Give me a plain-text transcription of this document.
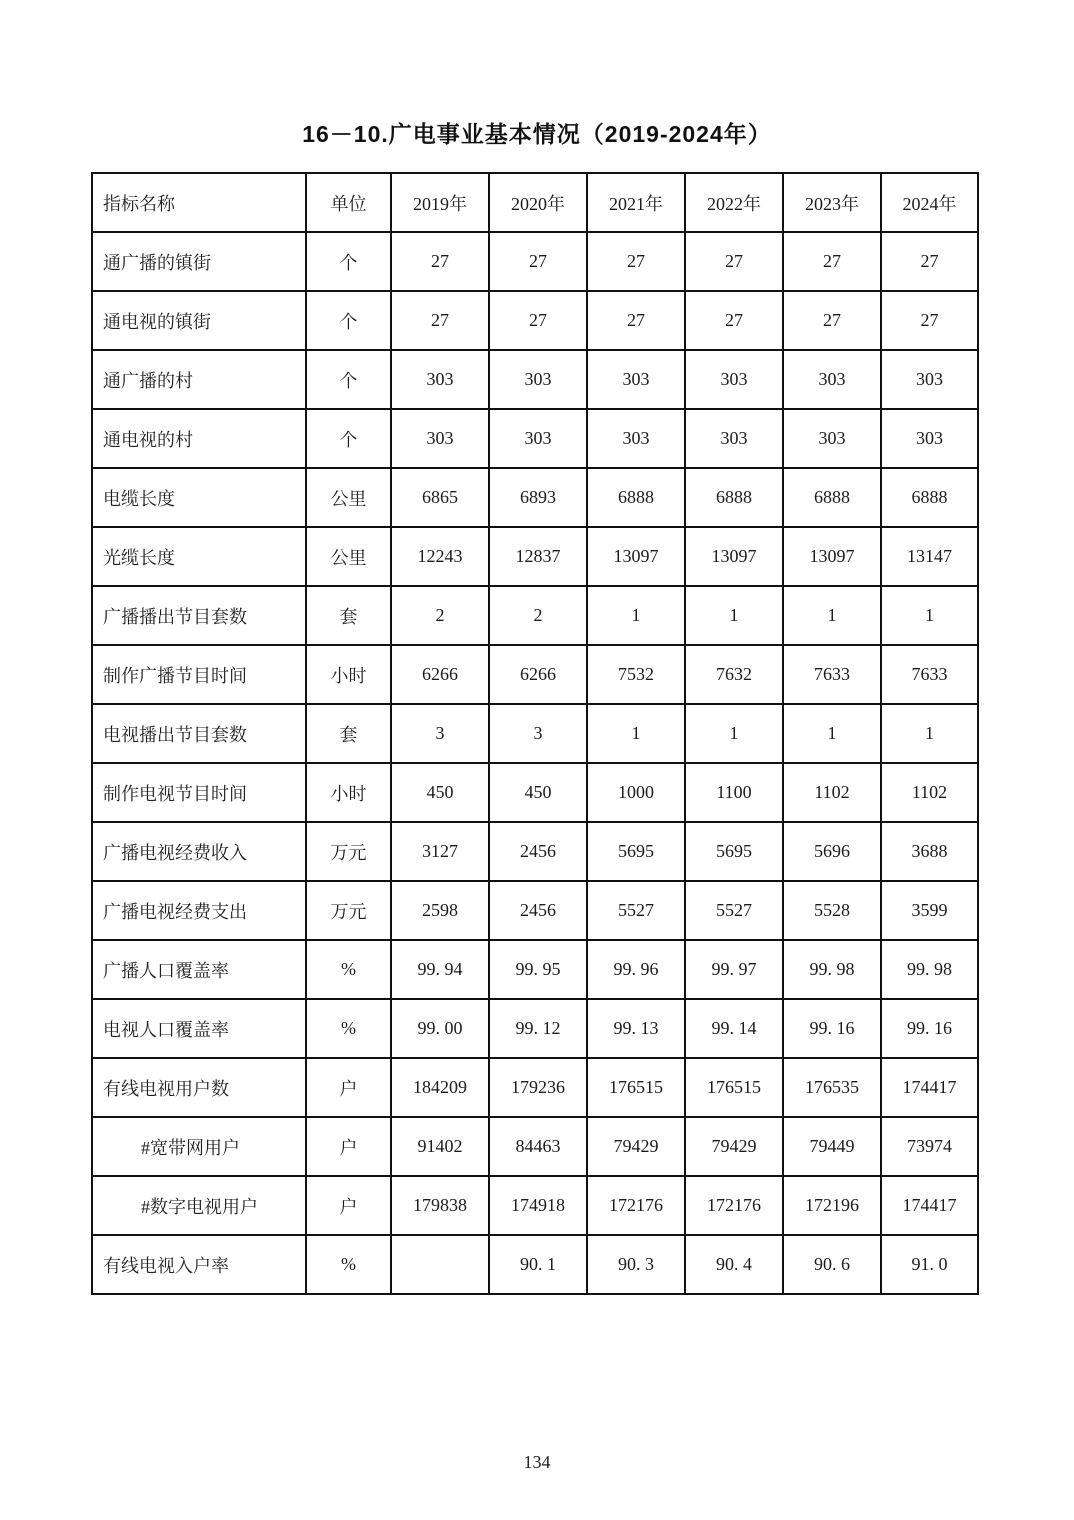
16－10.广电事业基本情况（2019-2024年）
指标名称	单位	2019年	2020年	2021年	2022年	2023年	2024年
通广播的镇街	个	27	27	27	27	27	27
通电视的镇街	个	27	27	27	27	27	27
通广播的村	个	303	303	303	303	303	303
通电视的村	个	303	303	303	303	303	303
电缆长度	公里	6865	6893	6888	6888	6888	6888
光缆长度	公里	12243	12837	13097	13097	13097	13147
广播播出节目套数	套	2	2	1	1	1	1
制作广播节目时间	小时	6266	6266	7532	7632	7633	7633
电视播出节目套数	套	3	3	1	1	1	1
制作电视节目时间	小时	450	450	1000	1100	1102	1102
广播电视经费收入	万元	3127	2456	5695	5695	5696	3688
广播电视经费支出	万元	2598	2456	5527	5527	5528	3599
广播人口覆盖率	%	99. 94	99. 95	99. 96	99. 97	99. 98	99. 98
电视人口覆盖率	%	99. 00	99. 12	99. 13	99. 14	99. 16	99. 16
有线电视用户数	户	184209	179236	176515	176515	176535	174417
#宽带网用户	户	91402	84463	79429	79429	79449	73974
#数字电视用户	户	179838	174918	172176	172176	172196	174417
有线电视入户率	%		90. 1	90. 3	90. 4	90. 6	91. 0
134
